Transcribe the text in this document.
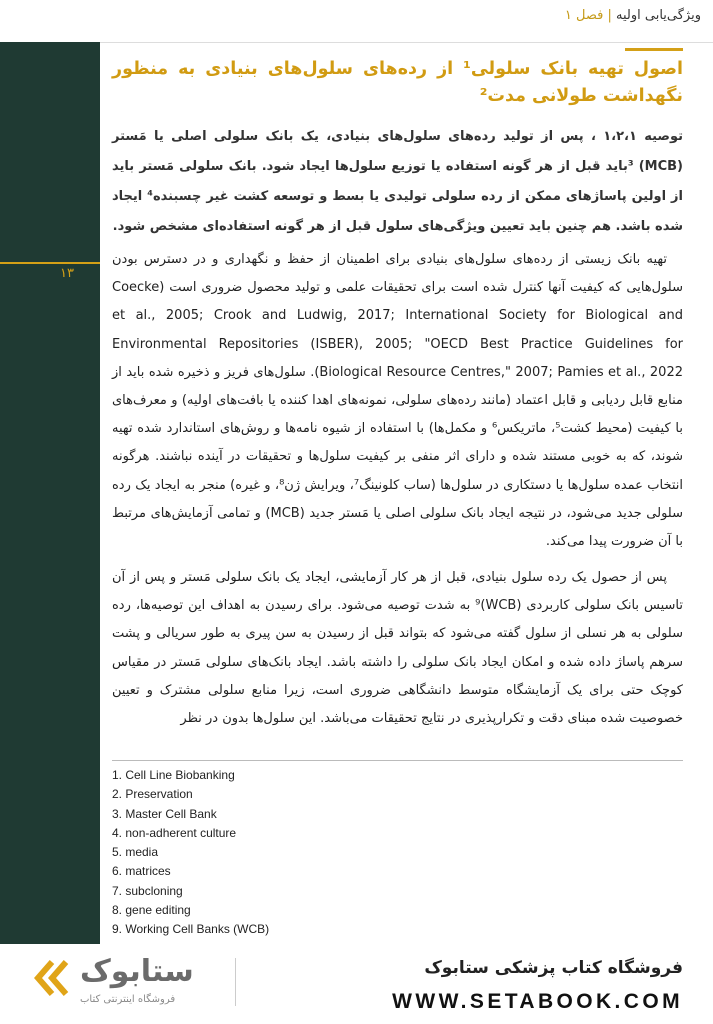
۱۳
ویژگی‌یابی اولیه | فصل ۱
اصول تهیه بانک سلولی¹ از رده‌های سلول‌های بنیادی به منظور نگهداشت طولانی مدت²
توصیه ۱،۲،۱ ، پس از تولید رده‌های سلول‌های بنیادی، یک بانک سلولی اصلی یا مَستر (MCB) ³باید قبل از هر گونه استفاده یا توزیع سلول‌ها ایجاد شود. بانک سلولی مَستر باید از اولین پاساژهای ممکن از رده سلولی تولیدی یا بسط و توسعه کشت غیر چسبنده⁴ ایجاد شده باشد. هم چنین باید تعیین ویژگی‌های سلول قبل از هر گونه استفاده‌ای مشخص شود.
تهیه بانک زیستی از رده‌های سلول‌های بنیادی برای اطمینان از حفظ و نگهداری و در دسترس بودن سلول‌هایی که کیفیت آنها کنترل شده است برای تحقیقات علمی و تولید محصول ضروری است (Coecke et al., 2005; Crook and Ludwig, 2017; International Society for Biological and Environmental Repositories (ISBER), 2005; "OECD Best Practice Guidelines for Biological Resource Centres," 2007; Pamies et al., 2022). سلول‌های فریز و ذخیره شده باید از منابع قابل ردیابی و قابل اعتماد (مانند رده‌های سلولی، نمونه‌های اهدا کننده یا بافت‌های اولیه) و معرف‌های با کیفیت (محیط کشت⁵، ماتریکس⁶ و مکمل‌ها) با استفاده از شیوه نامه‌ها و روش‌های استاندارد شده تهیه شوند، که به خوبی مستند شده و دارای اثر منفی بر کیفیت سلول‌ها و تحقیقات در آینده نباشند. هرگونه انتخاب عمده سلول‌ها یا دستکاری در سلول‌ها (ساب کلونینگ⁷، ویرایش ژن⁸، و غیره) منجر به ایجاد یک رده سلولی جدید می‌شود، در نتیجه ایجاد بانک سلولی اصلی یا مَستر جدید (MCB) و تمامی آزمایش‌های مرتبط با آن ضرورت پیدا می‌کند.
پس از حصول یک رده سلول بنیادی، قبل از هر کار آزمایشی، ایجاد یک بانک سلولی مَستر و پس از آن تاسیس بانک سلولی کاربردی (WCB)⁹ به شدت توصیه می‌شود. برای رسیدن به اهداف این توصیه‌ها، رده سلولی به هر نسلی از سلول گفته می‌شود که بتواند قبل از رسیدن به سن پیری به طور سریالی و پشت سرهم پاساژ داده شده و امکان ایجاد بانک سلولی را داشته باشد. ایجاد بانک‌های سلولی مَستر در مقیاس کوچک حتی برای یک آزمایشگاه متوسط دانشگاهی ضروری است، زیرا منابع سلولی مشترک و تعیین خصوصیت شده مبنای دقت و تکرارپذیری در نتایج تحقیقات می‌باشد. این سلول‌ها بدون در نظر
1. Cell Line Biobanking
2. Preservation
3. Master Cell Bank
4. non-adherent culture
5. media
6. matrices
7. subcloning
8. gene editing
9. Working Cell Banks (WCB)
ستابوک
فروشگاه اینترنتی کتاب
فروشگاه کتاب پزشکی ستابوک
WWW.SETABOOK.COM
